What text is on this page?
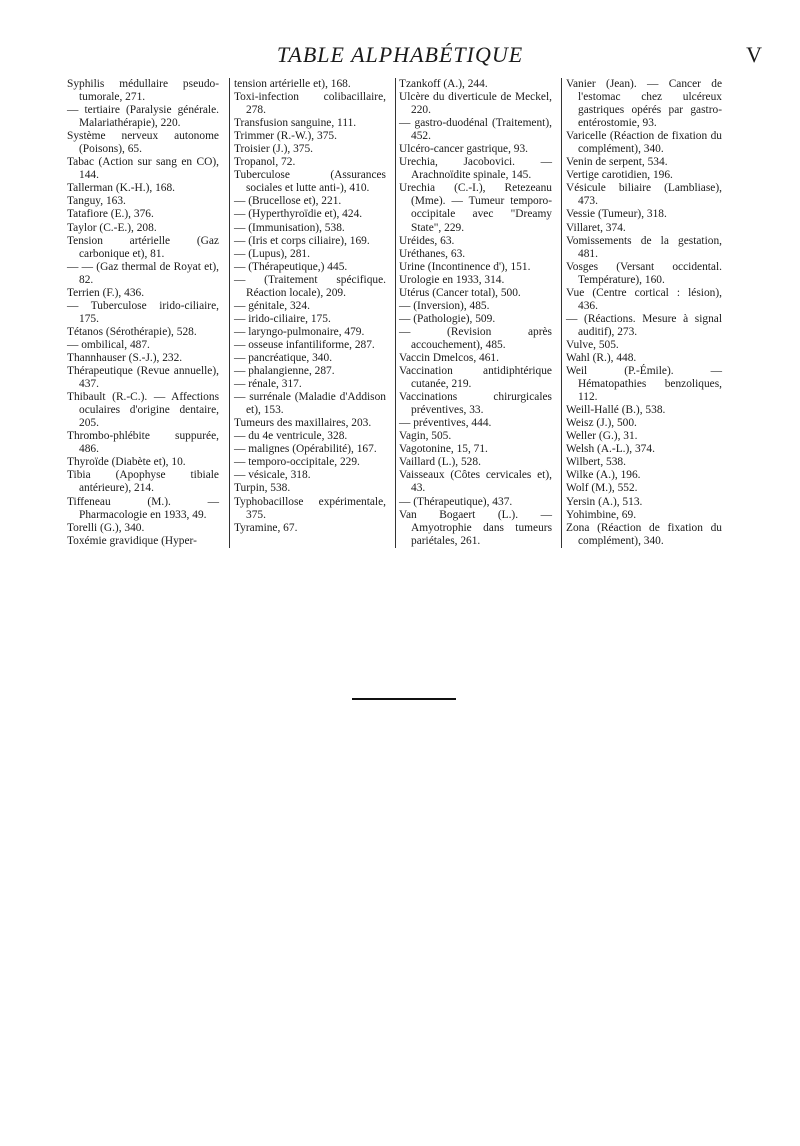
TABLE ALPHABÉTIQUE	V

Syphilis médullaire pseudo-tumorale, 271.

— tertiaire (Paralysie générale. Malariathérapie), 220.

Système nerveux autonome (Poisons), 65.

Tabac (Action sur sang en CO), 144.

Tallerman (K.-H.), 168.

Tanguy, 163.

Tatafiore (E.), 376.

Taylor (C.-E.), 208.

Tension artérielle (Gaz carbonique et), 81.

— — (Gaz thermal de Royat et), 82.

Terrien (F.), 436.

— Tuberculose irido-ciliaire, 175.

Tétanos (Sérothérapie), 528.

— ombilical, 487.

Thannhauser (S.-J.), 232.

Thérapeutique (Revue annuelle), 437.

Thibault (R.-C.). — Affections oculaires d'origine dentaire, 205.

Thrombo-phlébite suppurée, 486.

Thyroïde (Diabète et), 10.

Tibia (Apophyse tibiale antérieure), 214.

Tiffeneau (M.). — Pharmacologie en 1933, 49.

Torelli (G.), 340.

Toxémie gravidique (Hyper-

tension artérielle et), 168.

Toxi-infection colibacillaire, 278.

Transfusion sanguine, 111.

Trimmer (R.-W.), 375.

Troisier (J.), 375.

Tropanol, 72.

Tuberculose (Assurances sociales et lutte anti-), 410.

— (Brucellose et), 221.

— (Hyperthyroïdie et), 424.

— (Immunisation), 538.

— (Iris et corps ciliaire), 169.

— (Lupus), 281.

— (Thérapeutique,) 445.

— (Traitement spécifique. Réaction locale), 209.

— génitale, 324.

— irido-ciliaire, 175.

— laryngo-pulmonaire, 479.

— osseuse infantiliforme, 287.

— pancréatique, 340.

— phalangienne, 287.

— rénale, 317.

— surrénale (Maladie d'Addison et), 153.

Tumeurs des maxillaires, 203.

— du 4e ventricule, 328.

— malignes (Opérabilité), 167.

— temporo-occipitale, 229.

— vésicale, 318.

Turpin, 538.

Typhobacillose expérimentale, 375.

Tyramine, 67.

Tzankoff (A.), 244.

Ulcère du diverticule de Meckel, 220.

— gastro-duodénal (Traitement), 452.

Ulcéro-cancer gastrique, 93.

Urechia, Jacobovici. — Arachnoïdite spinale, 145.

Urechia (C.-I.), Retezeanu (Mme). — Tumeur temporo-occipitale avec "Dreamy State", 229.

Uréides, 63.

Uréthanes, 63.

Urine (Incontinence d'), 151.

Urologie en 1933, 314.

Utérus (Cancer total), 500.

— (Inversion), 485.

— (Pathologie), 509.

— (Revision après accouchement), 485.

Vaccin Dmelcos, 461.

Vaccination antidiphtérique cutanée, 219.

Vaccinations chirurgicales préventives, 33.

— préventives, 444.

Vagin, 505.

Vagotonine, 15, 71.

Vaillard (L.), 528.

Vaisseaux (Côtes cervicales et), 43.

— (Thérapeutique), 437.

Van Bogaert (L.). — Amyotrophie dans tumeurs pariétales, 261.

Vanier (Jean). — Cancer de l'estomac chez ulcéreux gastriques opérés par gastro-entérostomie, 93.

Varicelle (Réaction de fixation du complément), 340.

Venin de serpent, 534.

Vertige carotidien, 196.

Vésicule biliaire (Lambliase), 473.

Vessie (Tumeur), 318.

Villaret, 374.

Vomissements de la gestation, 481.

Vosges (Versant occidental. Température), 160.

Vue (Centre cortical : lésion), 436.

— (Réactions. Mesure à signal auditif), 273.

Vulve, 505.

Wahl (R.), 448.

Weil (P.-Émile). — Hématopathies benzoliques, 112.

Weill-Hallé (B.), 538.

Weisz (J.), 500.

Weller (G.), 31.

Welsh (A.-L.), 374.

Wilbert, 538.

Wilke (A.), 196.

Wolf (M.), 552.

Yersin (A.), 513.

Yohimbine, 69.

Zona (Réaction de fixation du complément), 340.
